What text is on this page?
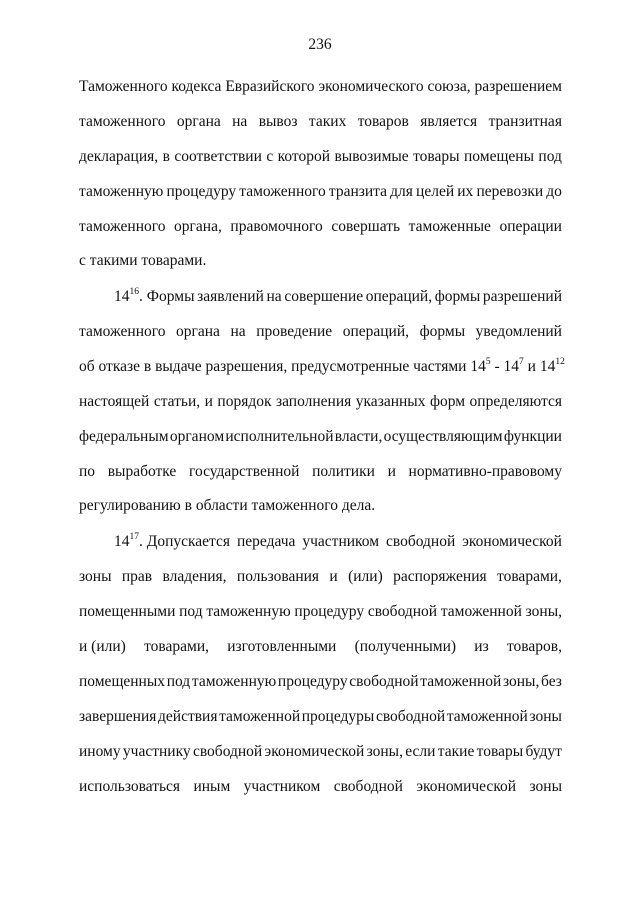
236
Таможенного кодекса Евразийского экономического союза, разрешением
таможенного органа на вывоз таких товаров является транзитная
декларация, в соответствии с которой вывозимые товары помещены под
таможенную процедуру таможенного транзита для целей их перевозки до
таможенного органа, правомочного совершать таможенные операции
с такими товарами.
$14^{16}$. Формы заявлений на совершение операций, формы разрешений
таможенного органа на проведение операций, формы уведомлений
об отказе в выдаче разрешения, предусмотренные частями $14^5 - 14^7$ и $14^{12}$
настоящей статьи, и порядок заполнения указанных форм определяются
федеральным органом исполнительной власти, осуществляющим функции
по выработке государственной политики и нормативно-правовому
регулированию в области таможенного дела.
$14^{17}$. Допускается передача участником свободной экономической
зоны прав владения, пользования и (или) распоряжения товарами,
помещенными под таможенную процедуру свободной таможенной зоны,
и (или) товарами, изготовленными (полученными) из товаров,
помещенных под таможенную процедуру свободной таможенной зоны, без
завершения действия таможенной процедуры свободной таможенной зоны
иному участнику свободной экономической зоны, если такие товары будут
использоваться иным участником свободной экономической зоны
